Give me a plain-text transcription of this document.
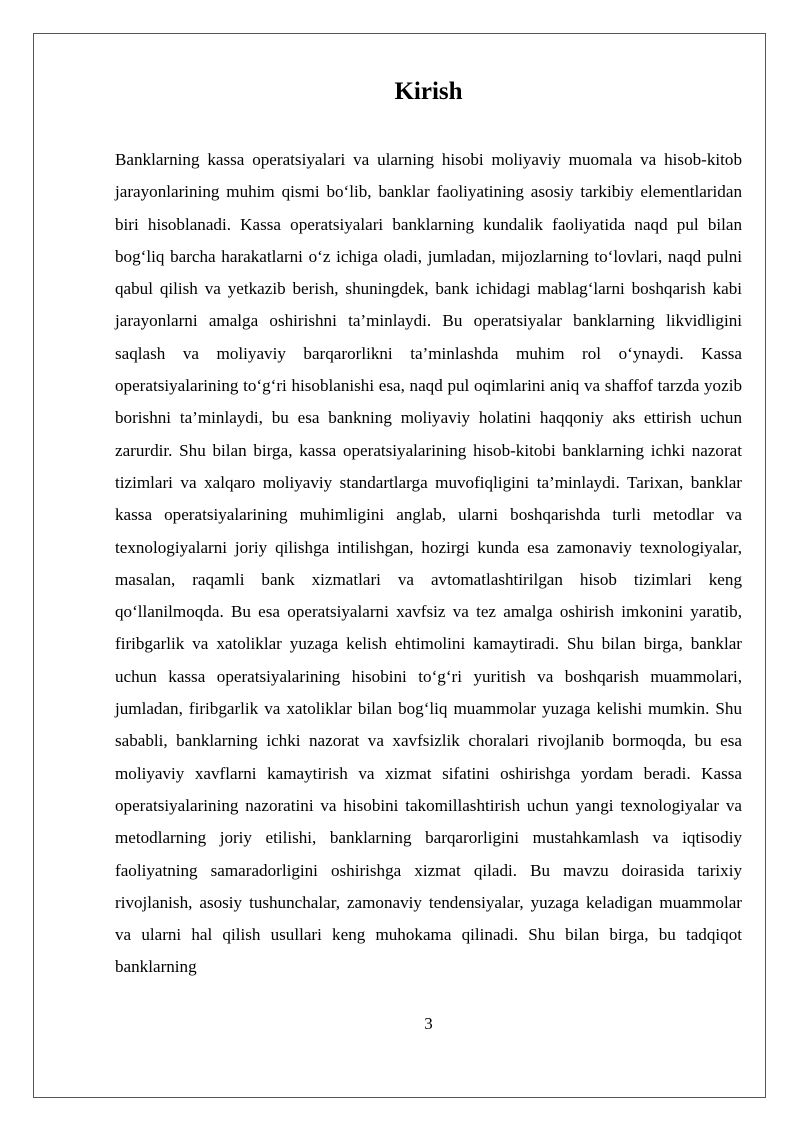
Kirish

Banklarning kassa operatsiyalari va ularning hisobi moliyaviy muomala va hisob-kitob jarayonlarining muhim qismi bo‘lib, banklar faoliyatining asosiy tarkibiy elementlaridan biri hisoblanadi. Kassa operatsiyalari banklarning kundalik faoliyatida naqd pul bilan bog‘liq barcha harakatlarni o‘z ichiga oladi, jumladan, mijozlarning to‘lovlari, naqd pulni qabul qilish va yetkazib berish, shuningdek, bank ichidagi mablag‘larni boshqarish kabi jarayonlarni amalga oshirishni ta’minlaydi. Bu operatsiyalar banklarning likvidligini saqlash va moliyaviy barqarorlikni ta’minlashda muhim rol o‘ynaydi. Kassa operatsiyalarining to‘g‘ri hisoblanishi esa, naqd pul oqimlarini aniq va shaffof tarzda yozib borishni ta’minlaydi, bu esa bankning moliyaviy holatini haqqoniy aks ettirish uchun zarurdir. Shu bilan birga, kassa operatsiyalarining hisob-kitobi banklarning ichki nazorat tizimlari va xalqaro moliyaviy standartlarga muvofiqligini ta’minlaydi. Tarixan, banklar kassa operatsiyalarining muhimligini anglab, ularni boshqarishda turli metodlar va texnologiyalarni joriy qilishga intilishgan, hozirgi kunda esa zamonaviy texnologiyalar, masalan, raqamli bank xizmatlari va avtomatlashtirilgan hisob tizimlari keng qo‘llanilmoqda. Bu esa operatsiyalarni xavfsiz va tez amalga oshirish imkonini yaratib, firibgarlik va xatoliklar yuzaga kelish ehtimolini kamaytiradi. Shu bilan birga, banklar uchun kassa operatsiyalarining hisobini to‘g‘ri yuritish va boshqarish muammolari, jumladan, firibgarlik va xatoliklar bilan bog‘liq muammolar yuzaga kelishi mumkin. Shu sababli, banklarning ichki nazorat va xavfsizlik choralari rivojlanib bormoqda, bu esa moliyaviy xavflarni kamaytirish va xizmat sifatini oshirishga yordam beradi. Kassa operatsiyalarining nazoratini va hisobini takomillashtirish uchun yangi texnologiyalar va metodlarning joriy etilishi, banklarning barqarorligini mustahkamlash va iqtisodiy faoliyatning samaradorligini oshirishga xizmat qiladi. Bu mavzu doirasida tarixiy rivojlanish, asosiy tushunchalar, zamonaviy tendensiyalar, yuzaga keladigan muammolar va ularni hal qilish usullari keng muhokama qilinadi. Shu bilan birga, bu tadqiqot banklarning

3
